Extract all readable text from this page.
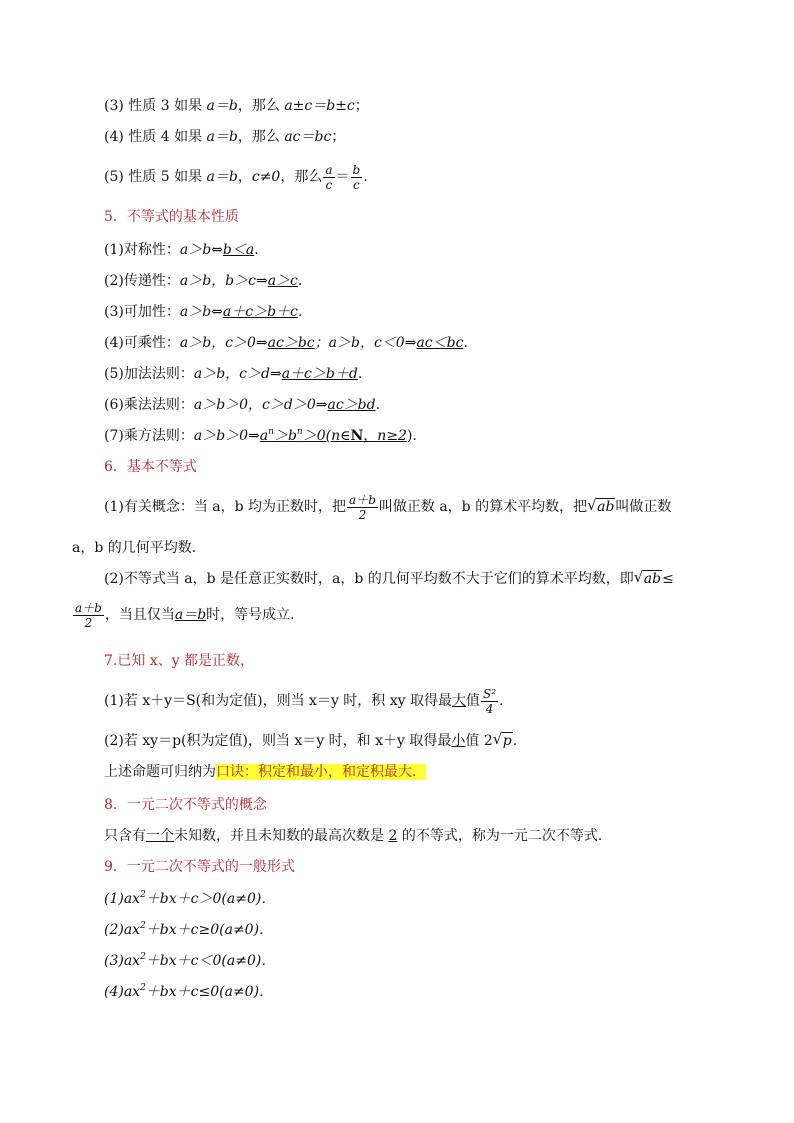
(3) 性质 3 如果 a＝b，那么 a±c＝b±c；
(4) 性质 4 如果 a＝b，那么 ac＝bc；
(5) 性质 5 如果 a＝b，c≠0，那么 $\frac{a}{c} = \frac{b}{c}$ .
5．不等式的基本性质
(1)对称性：a＞b⇔b＜a.
(2)传递性：a＞b，b＞c⇒a＞c.
(3)可加性：a＞b⇔a＋c＞b＋c.
(4)可乘性：a＞b，c＞0⇒ac＞bc；a＞b，c＜0⇒ac＜bc.
(5)加法法则：a＞b，c＞d⇒a＋c＞b＋d.
(6)乘法法则：a＞b＞0，c＞d＞0⇒ac＞bd.
(7)乘方法则：$a>b>0\Rightarrow a^n>b^n>0(n\in N$，n≥2).
6．基本不等式
(1)有关概念：当 a，b 均为正数时，把 $\frac{a+b}{2}$ 叫做正数 a，b 的算术平均数，把 √ ab叫做正数
a，b 的几何平均数．
(2)不等式当 a，b 是任意正实数时，a，b 的几何平均数不大于它们的算术平均数，即 √ ab≤
$\frac{a+b}{2}$ ，当且仅当a＝b时，等号成立．
7.已知 x、y 都是正数，
(1)若 x＋y＝S(和为定值)，则当 x＝y 时，积 xy 取得最大值 $\frac{\text{S²}}{4}$ .
(2)若 xy＝p(积为定值)，则当 x＝y 时，和 x＋y 取得最小值 2 √ p.
上述命题可归纳为口诀：积定和最小，和定积最大．
8．一元二次不等式的概念
只含有一个未知数，并且未知数的最高次数是 2 的不等式，称为一元二次不等式．
9．一元二次不等式的一般形式
$(1)ax^2+bx+c>0(a\ne 0)$．
$(2)ax^2+bx+c\ge 0(a\ne 0)$．
$(3)ax^2+bx+c<0(a\ne 0)$．
$(4)ax^2+bx+c\le 0(a\ne 0)$．
